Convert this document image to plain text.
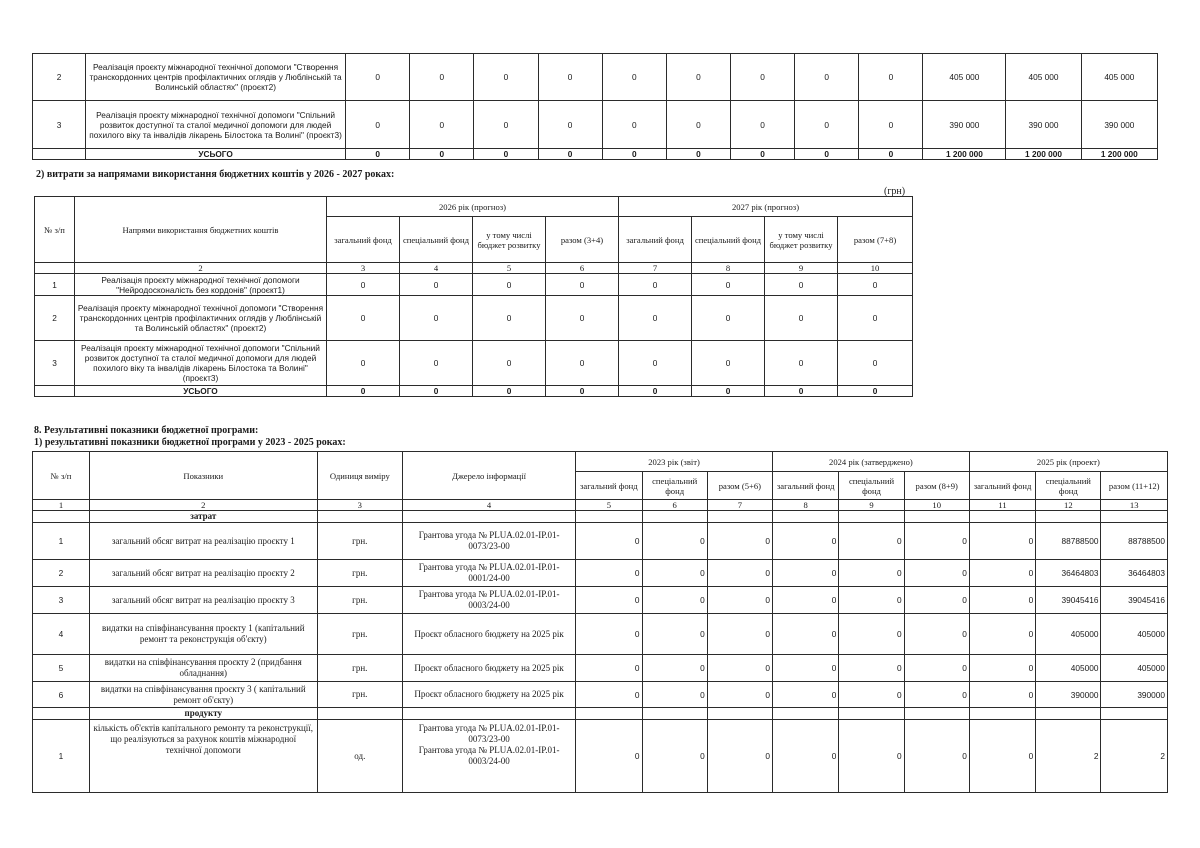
2	Реалізація проєкту міжнародної технічної допомоги "Створення транскордонних центрів профілактичних оглядів у Люблінській та Волинській областях" (проєкт2)	0	0	0	0	0	0	0	0	0	405 000	405 000	405 000
3	Реалізація проєкту міжнародної технічної допомоги "Спільний розвиток доступної та сталої медичної допомоги для людей похилого віку та інвалідів лікарень Білостока та Волині" (проєкт3)	0	0	0	0	0	0	0	0	0	390 000	390 000	390 000
	УСЬОГО	0	0	0	0	0	0	0	0	0	1 200 000	1 200 000	1 200 000
2) витрати за напрямами використання бюджетних коштів у 2026 - 2027 роках:
(грн)
№ з/п	Напрями використання бюджетних коштів	2026 рік (прогноз)				2027 рік (прогноз)			
		загальний фонд	спеціальний фонд	у тому числі бюджет розвитку	разом (3+4)	загальний фонд	спеціальний фонд	у тому числі бюджет розвитку	разом (7+8)
	2	3	4	5	6	7	8	9	10
1	Реалізація проєкту міжнародної технічної допомоги "Нейродосконалість без кордонів" (проєкт1)	0	0	0	0	0	0	0	0
2	Реалізація проєкту міжнародної технічної допомоги "Створення транскордонних центрів профілактичних оглядів у Люблінській та Волинській областях" (проєкт2)	0	0	0	0	0	0	0	0
3	Реалізація проєкту міжнародної технічної допомоги "Спільний розвиток доступної та сталої медичної допомоги для людей похилого віку та інвалідів лікарень Білостока та Волині" (проєкт3)	0	0	0	0	0	0	0	0
	УСЬОГО	0	0	0	0	0	0	0	0
8. Результативні показники бюджетної програми:
1) результативні показники бюджетної програми у 2023 - 2025 роках:
№ з/п	Показники	Одиниця виміру	Джерело інформації	2023 рік (звіт)			2024 рік (затверджено)			2025 рік (проект)		
				загальний фонд	спеціальний фонд	разом (5+6)	загальний фонд	спеціальний фонд	разом (8+9)	загальний фонд	спеціальний фонд	разом (11+12)
1	2	3	4	5	6	7	8	9	10	11	12	13
	затрат											
1	загальний обсяг витрат на реалізацію проєкту 1	грн.	Грантова угода № PLUA.02.01-IP.01-0073/23-00	0	0	0	0	0	0	0	88788500	88788500
2	загальний обсяг витрат на реалізацію проєкту 2	грн.	Грантова угода № PLUA.02.01-IP.01-0001/24-00	0	0	0	0	0	0	0	36464803	36464803
3	загальний обсяг витрат на реалізацію проєкту 3	грн.	Грантова угода № PLUA.02.01-IP.01-0003/24-00	0	0	0	0	0	0	0	39045416	39045416
4	видатки на співфінансування проєкту 1 (капітальний ремонт та реконструкція об'єкту)	грн.	Проєкт обласного бюджету на 2025 рік	0	0	0	0	0	0	0	405000	405000
5	видатки на співфінансування проєкту 2 (придбання обладнання)	грн.	Проєкт обласного бюджету на 2025 рік	0	0	0	0	0	0	0	405000	405000
6	видатки на співфінансування проєкту 3 ( капітальний ремонт об'єкту)	грн.	Проєкт обласного бюджету на 2025 рік	0	0	0	0	0	0	0	390000	390000
	продукту											
1	кількість об'єктів капітального ремонту та реконструкції, що реалізуються за рахунок коштів міжнародної технічної допомоги	од.	Грантова угода № PLUA.02.01-IP.01-0073/23-00
Грантова угода № PLUA.02.01-IP.01-0003/24-00	0	0	0	0	0	0	0	2	2
